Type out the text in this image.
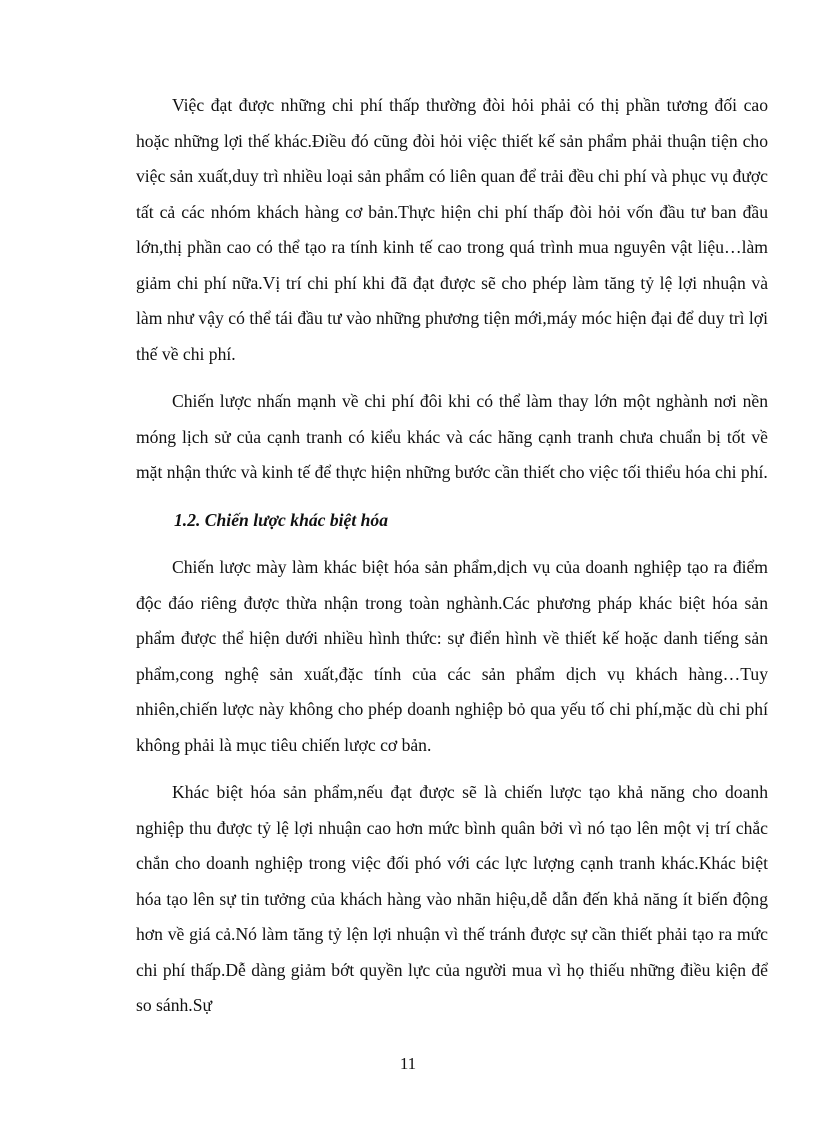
Việc đạt được những chi phí thấp thường đòi hỏi phải có thị phần tương đối cao hoặc những lợi thế khác.Điều đó cũng đòi hỏi việc thiết kế sản phẩm phải thuận tiện cho việc sản xuất,duy trì nhiều loại sản phẩm có liên quan để trải đều chi phí và phục vụ được tất cả các nhóm khách hàng cơ bản.Thực hiện chi phí thấp đòi hỏi vốn đầu tư ban đầu lớn,thị phần cao có thể tạo ra tính kinh tế cao trong quá trình mua nguyên vật liệu…làm giảm chi phí nữa.Vị trí chi phí khi đã đạt được sẽ cho phép làm tăng tỷ lệ lợi nhuận và làm như vậy có thể tái đầu tư vào những phương tiện mới,máy móc hiện đại để duy trì lợi thế về chi phí.

Chiến lược nhấn mạnh về chi phí đôi khi có thể làm thay lớn một nghành nơi nền móng lịch sử của cạnh tranh có kiểu khác và các hãng cạnh tranh chưa chuẩn bị tốt về mặt nhận thức và kinh tế để thực hiện những bước cần thiết cho việc tối thiểu hóa chi phí.

1.2. Chiến lược khác biệt hóa

Chiến lược mày làm khác biệt hóa sản phẩm,dịch vụ của doanh nghiệp tạo ra điểm độc đáo riêng được thừa nhận trong toàn nghành.Các phương pháp khác biệt hóa sản phẩm được thể hiện dưới nhiều hình thức: sự điển hình về thiết kế hoặc danh tiếng sản phẩm,cong nghệ sản xuất,đặc tính của các sản phẩm dịch vụ khách hàng…Tuy nhiên,chiến lược này không cho phép doanh nghiệp bỏ qua yếu tố chi phí,mặc dù chi phí không phải là mục tiêu chiến lược cơ bản.

Khác biệt hóa sản phẩm,nếu đạt được sẽ là chiến lược tạo khả năng cho doanh nghiệp thu được tỷ lệ lợi nhuận cao hơn mức bình quân bởi vì nó tạo lên một vị trí chắc chắn cho doanh nghiệp trong việc đối phó với các lực lượng cạnh tranh khác.Khác biệt hóa tạo lên sự tin tưởng của khách hàng vào nhãn hiệu,dễ dẫn đến khả năng ít biến động hơn về giá cả.Nó làm tăng tỷ lện lợi nhuận vì thế tránh được sự cần thiết phải tạo ra mức chi phí thấp.Dễ dàng giảm bớt quyền lực của người mua vì họ thiếu những điều kiện để so sánh.Sự

11
